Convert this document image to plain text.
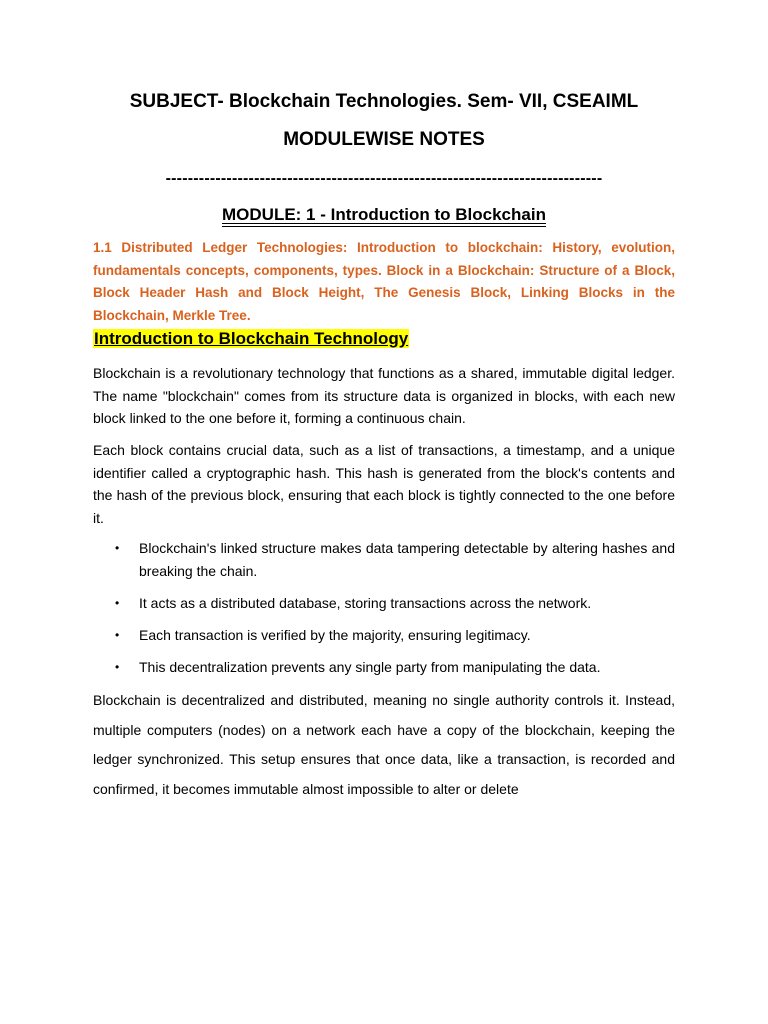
SUBJECT- Blockchain Technologies. Sem- VII, CSEAIML
MODULEWISE NOTES
-------------------------------------------------------------------------------
MODULE: 1 - Introduction to Blockchain
1.1 Distributed Ledger Technologies: Introduction to blockchain: History, evolution, fundamentals concepts, components, types. Block in a Blockchain: Structure of a Block, Block Header Hash and Block Height, The Genesis Block, Linking Blocks in the Blockchain, Merkle Tree.
Introduction to Blockchain Technology
Blockchain is a revolutionary technology that functions as a shared, immutable digital ledger. The name "blockchain" comes from its structure data is organized in blocks, with each new block linked to the one before it, forming a continuous chain.
Each block contains crucial data, such as a list of transactions, a timestamp, and a unique identifier called a cryptographic hash. This hash is generated from the block's contents and the hash of the previous block, ensuring that each block is tightly connected to the one before it.
• Blockchain's linked structure makes data tampering detectable by altering hashes and breaking the chain.
• It acts as a distributed database, storing transactions across the network.
• Each transaction is verified by the majority, ensuring legitimacy.
• This decentralization prevents any single party from manipulating the data.
Blockchain is decentralized and distributed, meaning no single authority controls it. Instead, multiple computers (nodes) on a network each have a copy of the blockchain, keeping the ledger synchronized. This setup ensures that once data, like a transaction, is recorded and confirmed, it becomes immutable almost impossible to alter or delete
